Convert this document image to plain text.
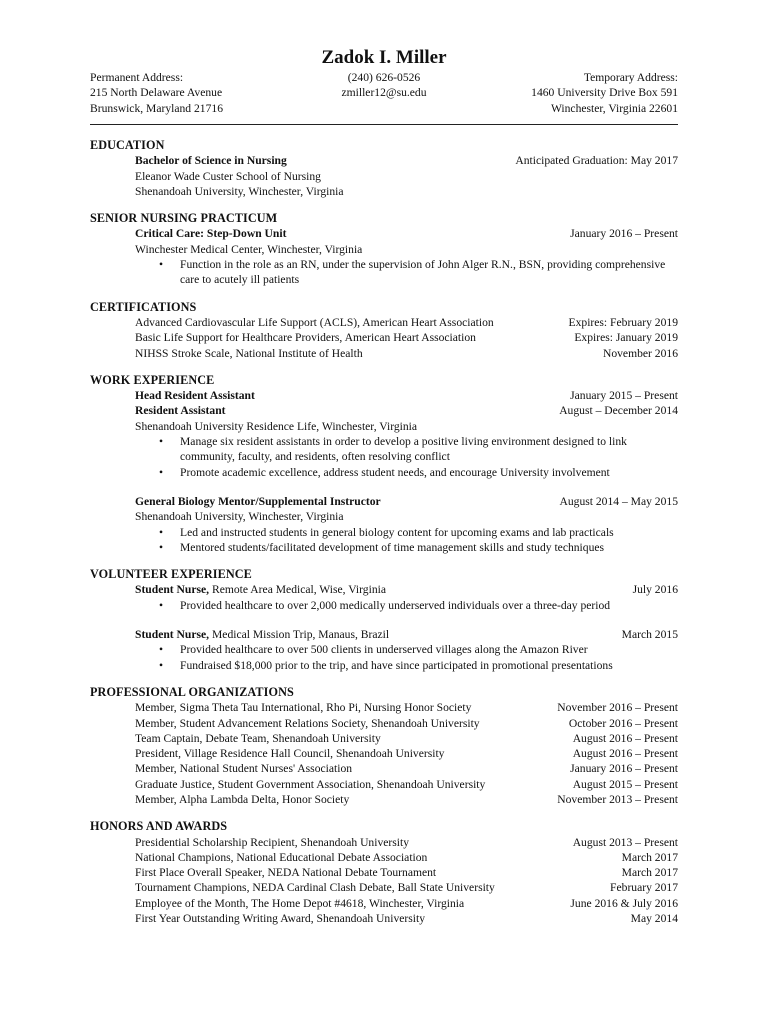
Zadok I. Miller
Permanent Address:
215 North Delaware Avenue
Brunswick, Maryland 21716
(240) 626-0526
zmiller12@su.edu
Temporary Address:
1460 University Drive Box 591
Winchester, Virginia 22601
EDUCATION
Bachelor of Science in Nursing	Anticipated Graduation: May 2017
Eleanor Wade Custer School of Nursing
Shenandoah University, Winchester, Virginia
SENIOR NURSING PRACTICUM
Critical Care: Step-Down Unit	January 2016 – Present
Winchester Medical Center, Winchester, Virginia
• Function in the role as an RN, under the supervision of John Alger R.N., BSN, providing comprehensive care to acutely ill patients
CERTIFICATIONS
Advanced Cardiovascular Life Support (ACLS), American Heart Association	Expires: February 2019
Basic Life Support for Healthcare Providers, American Heart Association	Expires: January 2019
NIHSS Stroke Scale, National Institute of Health	November 2016
WORK EXPERIENCE
Head Resident Assistant	January 2015 – Present
Resident Assistant	August – December 2014
Shenandoah University Residence Life, Winchester, Virginia
• Manage six resident assistants in order to develop a positive living environment designed to link community, faculty, and residents, often resolving conflict
• Promote academic excellence, address student needs, and encourage University involvement
General Biology Mentor/Supplemental Instructor	August 2014 – May 2015
Shenandoah University, Winchester, Virginia
• Led and instructed students in general biology content for upcoming exams and lab practicals
• Mentored students/facilitated development of time management skills and study techniques
VOLUNTEER EXPERIENCE
Student Nurse, Remote Area Medical, Wise, Virginia	July 2016
• Provided healthcare to over 2,000 medically underserved individuals over a three-day period
Student Nurse, Medical Mission Trip, Manaus, Brazil	March 2015
• Provided healthcare to over 500 clients in underserved villages along the Amazon River
• Fundraised $18,000 prior to the trip, and have since participated in promotional presentations
PROFESSIONAL ORGANIZATIONS
Member, Sigma Theta Tau International, Rho Pi, Nursing Honor Society	November 2016 – Present
Member, Student Advancement Relations Society, Shenandoah University	October 2016 – Present
Team Captain, Debate Team, Shenandoah University	August 2016 – Present
President, Village Residence Hall Council, Shenandoah University	August 2016 – Present
Member, National Student Nurses' Association	January 2016 – Present
Graduate Justice, Student Government Association, Shenandoah University	August 2015 – Present
Member, Alpha Lambda Delta, Honor Society	November 2013 – Present
HONORS AND AWARDS
Presidential Scholarship Recipient, Shenandoah University	August 2013 – Present
National Champions, National Educational Debate Association	March 2017
First Place Overall Speaker, NEDA National Debate Tournament	March 2017
Tournament Champions, NEDA Cardinal Clash Debate, Ball State University	February 2017
Employee of the Month, The Home Depot #4618, Winchester, Virginia	June 2016 & July 2016
First Year Outstanding Writing Award, Shenandoah University	May 2014
